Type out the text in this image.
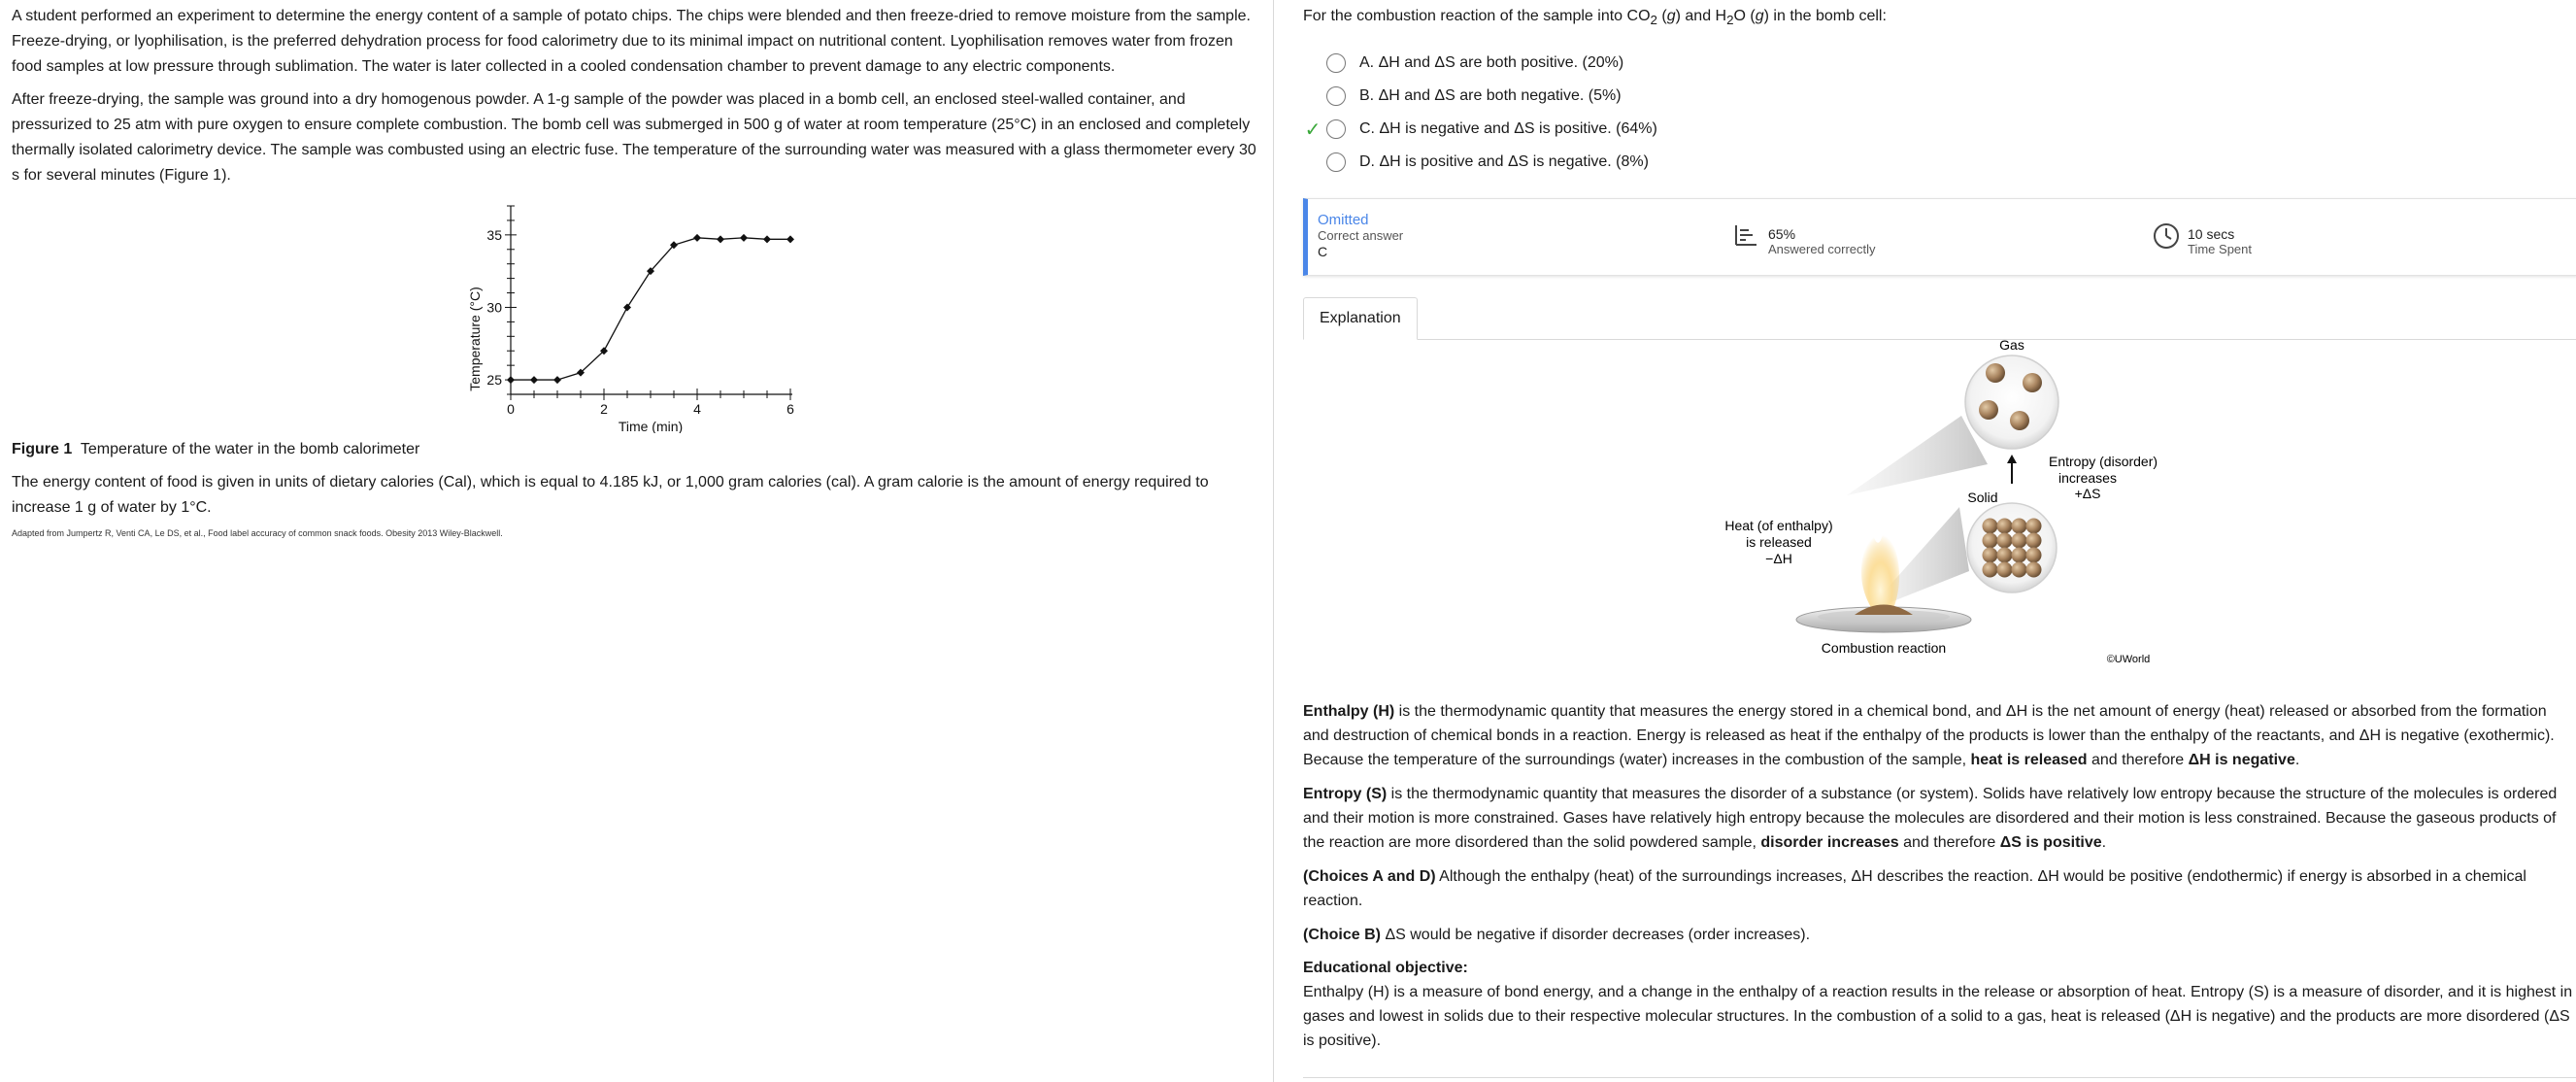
A student performed an experiment to determine the energy content of a sample of potato chips. The chips were blended and then freeze-dried to remove moisture from the sample. Freeze-drying, or lyophilisation, is the preferred dehydration process for food calorimetry due to its minimal impact on nutritional content. Lyophilisation removes water from frozen food samples at low pressure through sublimation. The water is later collected in a cooled condensation chamber to prevent damage to any electric components.

After freeze-drying, the sample was ground into a dry homogenous powder. A 1-g sample of the powder was placed in a bomb cell, an enclosed steel-walled container, and pressurized to 25 atm with pure oxygen to ensure complete combustion. The bomb cell was submerged in 500 g of water at room temperature (25°C) in an enclosed and completely thermally isolated calorimetry device. The sample was combusted using an electric fuse. The temperature of the surrounding water was measured with a glass thermometer every 30 s for several minutes (Figure 1).

0	2	4	6
25
30
35
Time (min)
Temperature (°C)
Figure 1 Temperature of the water in the bomb calorimeter

The energy content of food is given in units of dietary calories (Cal), which is equal to 4.185 kJ, or 1,000 gram calories (cal). A gram calorie is the amount of energy required to increase 1 g of water by 1°C.

Adapted from Jumpertz R, Venti CA, Le DS, et al., Food label accuracy of common snack foods. Obesity 2013 Wiley-Blackwell.

For the combustion reaction of the sample into $CO_2$ (g) and $H_2O$ (g) in the bomb cell:

A.
ΔH and ΔS are both positive.
(20%)
B.
ΔH and ΔS are both negative.
(5%)
✓ C.
ΔH is negative and ΔS is positive.
(64%)
D.
ΔH is positive and ΔS is negative.
(8%)
Omitted
Correct answer
C
65%
Answered correctly
10 secs
Time Spent
Explanation
Gas
Entropy (disorder)
increases
+ΔS
Solid
Heat (of enthalpy)
is released
−ΔH
Combustion reaction
©UWorld

Enthalpy (H) is the thermodynamic quantity that measures the energy stored in a chemical bond, and ΔH is the net amount of energy (heat) released or absorbed from the formation and destruction of chemical bonds in a reaction. Energy is released as heat if the enthalpy of the products is lower than the enthalpy of the reactants, and ΔH is negative (exothermic). Because the temperature of the surroundings (water) increases in the combustion of the sample, heat is released and therefore ΔH is negative.

Entropy (S) is the thermodynamic quantity that measures the disorder of a substance (or system). Solids have relatively low entropy because the structure of the molecules is ordered and their motion is more constrained. Gases have relatively high entropy because the molecules are disordered and their motion is less constrained. Because the gaseous products of the reaction are more disordered than the solid powdered sample, disorder increases and therefore ΔS is positive.

(Choices A and D) Although the enthalpy (heat) of the surroundings increases, ΔH describes the reaction. ΔH would be positive (endothermic) if energy is absorbed in a chemical reaction.

(Choice B) ΔS would be negative if disorder decreases (order increases).

Educational objective:

Enthalpy (H) is a measure of bond energy, and a change in the enthalpy of a reaction results in the release or absorption of heat. Entropy (S) is a measure of disorder, and it is highest in gases and lowest in solids due to their respective molecular structures. In the combustion of a solid to a gas, heat is released (ΔH is negative) and the products are more disordered (ΔS is positive).
